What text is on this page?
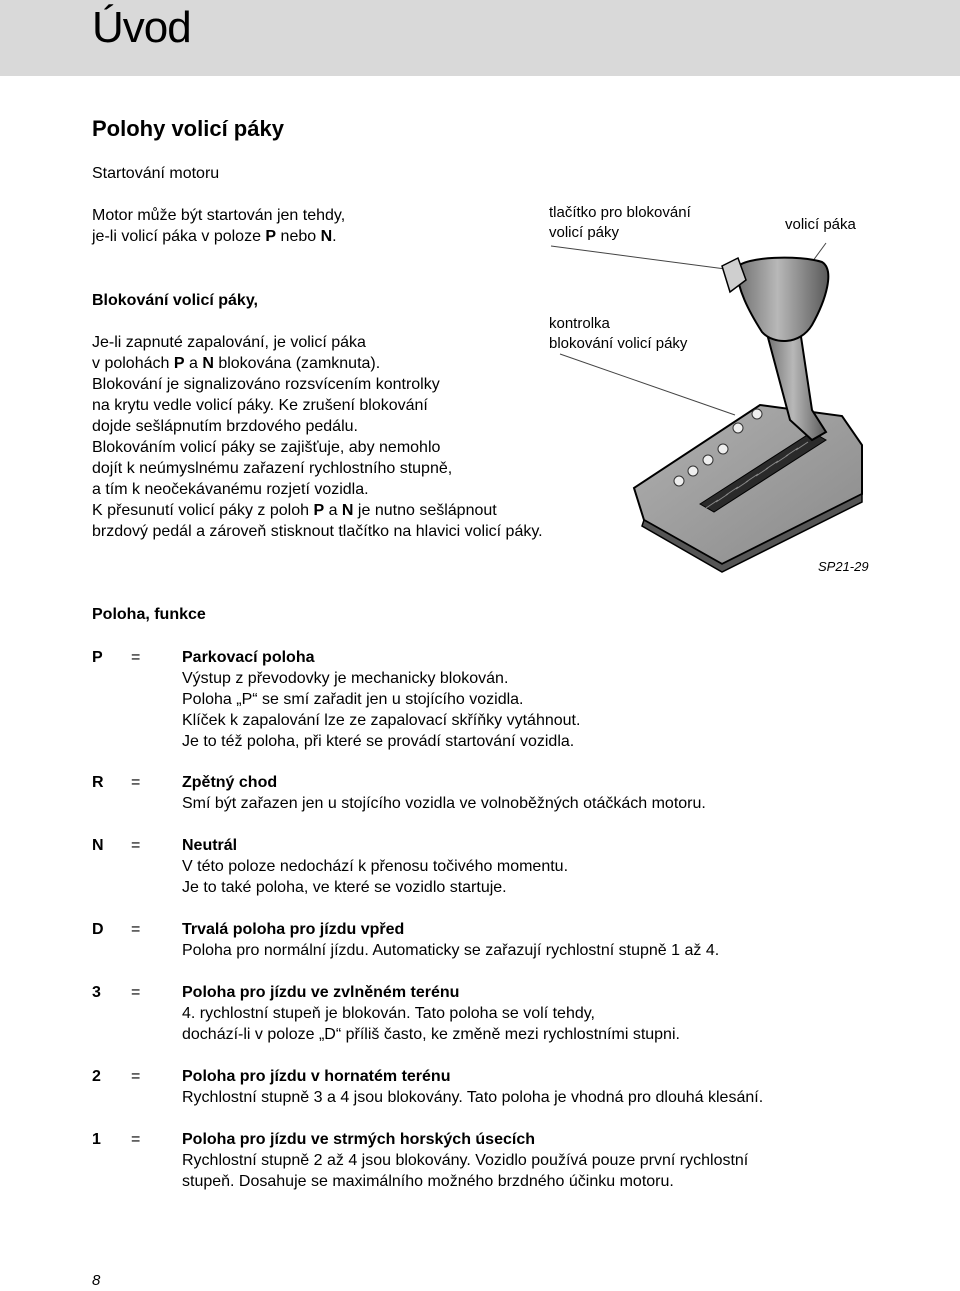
Úvod
Polohy volicí páky

Startování motoru

Motor může být startován jen tehdy,
je-li volicí páka v poloze P nebo N.

Blokování volicí páky,

Je-li zapnuté zapalování, je volicí páka
v polohách P a N blokována (zamknuta).
Blokování je signalizováno rozsvícením kontrolky
na krytu vedle volicí páky. Ke zrušení blokování
dojde sešlápnutím brzdového pedálu.
Blokováním volicí páky se zajišťuje, aby nemohlo
dojít k neúmyslnému zařazení rychlostního stupně,
a tím k neočekávanému rozjetí vozidla.
K přesunutí volicí páky z poloh P a N je nutno sešlápnout
brzdový pedál a zároveň stisknout tlačítko na hlavici volicí páky.

tlačítko pro blokování
volicí páky	volicí páka
kontrolka
blokování volicí páky
SP21-29

Poloha, funkce

P =	Parkovací poloha
Výstup z převodovky je mechanicky blokován.
Poloha „P“ se smí zařadit jen u stojícího vozidla.
Klíček k zapalování lze ze zapalovací skříňky vytáhnout.
Je to též poloha, při které se provádí startování vozidla.
R =	Zpětný chod
Smí být zařazen jen u stojícího vozidla ve volnoběžných otáčkách motoru.
N =	Neutrál
V této poloze nedochází k přenosu točivého momentu.
Je to také poloha, ve které se vozidlo startuje.
D =	Trvalá poloha pro jízdu vpřed
Poloha pro normální jízdu. Automaticky se zařazují rychlostní stupně 1 až 4.
3 =	Poloha pro jízdu ve zvlněném terénu
4. rychlostní stupeň je blokován. Tato poloha se volí tehdy,
dochází-li v poloze „D“ příliš často, ke změně mezi rychlostními stupni.
2 =	Poloha pro jízdu v hornatém terénu
Rychlostní stupně 3 a 4 jsou blokovány. Tato poloha je vhodná pro dlouhá klesání.
1 =	Poloha pro jízdu ve strmých horských úsecích
Rychlostní stupně 2 až 4 jsou blokovány. Vozidlo používá pouze první rychlostní
stupeň. Dosahuje se maximálního možného brzdného účinku motoru.
8
